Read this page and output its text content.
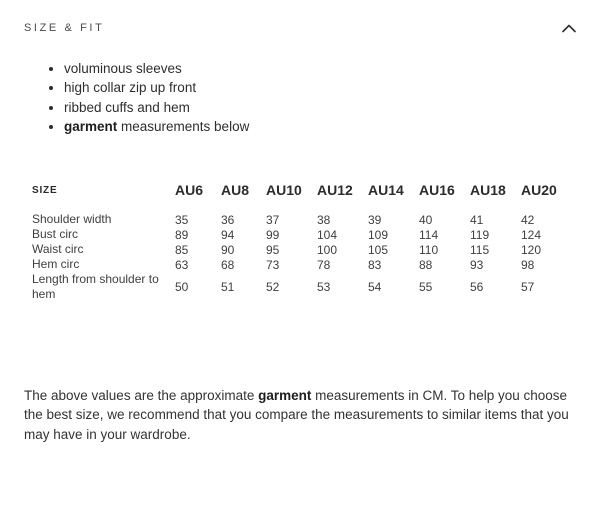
SIZE & FIT
• voluminous sleeves
• high collar zip up front
• ribbed cuffs and hem
• garment measurements below
SIZE	AU6	AU8	AU10	AU12	AU14	AU16	AU18	AU20
Shoulder width	35	36	37	38	39	40	41	42
Bust circ	89	94	99	104	109	114	119	124
Waist circ	85	90	95	100	105	110	115	120
Hem circ	63	68	73	78	83	88	93	98
Length from shoulder to hem	50	51	52	53	54	55	56	57

The above values are the approximate garment measurements in CM. To help you choose the best size, we recommend that you compare the measurements to similar items that you may have in your wardrobe.
